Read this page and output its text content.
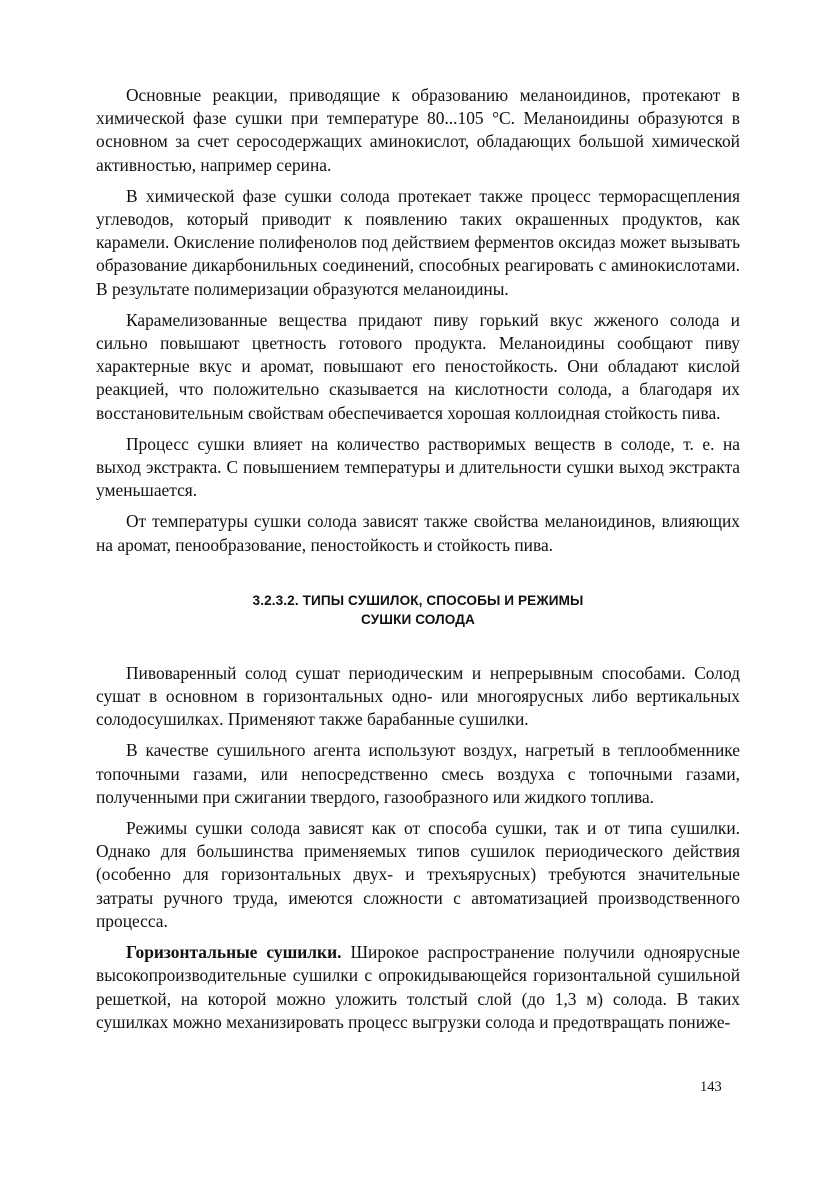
Основные реакции, приводящие к образованию меланоидинов, протекают в химической фазе сушки при температуре 80...105 °С. Меланоидины образуются в основном за счет серосодержащих аминокислот, обладающих большой химической активностью, например серина.

В химической фазе сушки солода протекает также процесс терморасщепления углеводов, который приводит к появлению таких окрашенных продуктов, как карамели. Окисление полифенолов под действием ферментов оксидаз может вызывать образование дикарбонильных соединений, способных реагировать с аминокислотами. В результате полимеризации образуются меланоидины.

Карамелизованные вещества придают пиву горький вкус жженого солода и сильно повышают цветность готового продукта. Меланоидины сообщают пиву характерные вкус и аромат, повышают его пеностойкость. Они обладают кислой реакцией, что положительно сказывается на кислотности солода, а благодаря их восстановительным свойствам обеспечивается хорошая коллоидная стойкость пива.

Процесс сушки влияет на количество растворимых веществ в солоде, т. е. на выход экстракта. С повышением температуры и длительности сушки выход экстракта уменьшается.

От температуры сушки солода зависят также свойства меланоидинов, влияющих на аромат, пенообразование, пеностойкость и стойкость пива.

3.2.3.2. ТИПЫ СУШИЛОК, СПОСОБЫ И РЕЖИМЫ
СУШКИ СОЛОДА

Пивоваренный солод сушат периодическим и непрерывным способами. Солод сушат в основном в горизонтальных одно- или многоярусных либо вертикальных солодосушилках. Применяют также барабанные сушилки.

В качестве сушильного агента используют воздух, нагретый в теплообменнике топочными газами, или непосредственно смесь воздуха с топочными газами, полученными при сжигании твердого, газообразного или жидкого топлива.

Режимы сушки солода зависят как от способа сушки, так и от типа сушилки. Однако для большинства применяемых типов сушилок периодического действия (особенно для горизонтальных двух- и трехъярусных) требуются значительные затраты ручного труда, имеются сложности с автоматизацией производственного процесса.

Горизонтальные сушилки. Широкое распространение получили одноярусные высокопроизводительные сушилки с опрокидывающейся горизонтальной сушильной решеткой, на которой можно уложить толстый слой (до 1,3 м) солода. В таких сушилках можно механизировать процесс выгрузки солода и предотвращать пониже-

143
